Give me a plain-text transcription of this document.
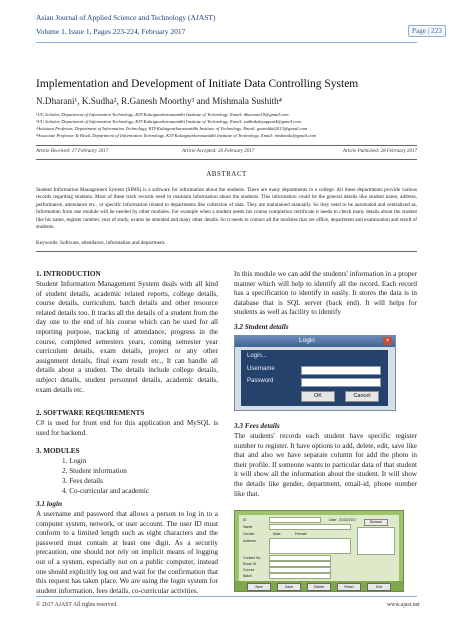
Asian Journal of Applied Science and Technology (AJAST)
Volume 1, Issue 1, Pages 223-224, February 2017	Page | 223
Implementation and Development of Initiate Data Controlling System
N.Dharani¹, K.Sudha², R.Ganesh Moorthy³ and Mishmala Sushith⁴
¹UG Scholar, Department of Information Technology, KIT-Kalaignarkarunanidhi Institute of Technology. Email: dharanin19@gmail.com
²UG Scholar, Department of Information Technology, KIT-Kalaignarkarunanidhi Institute of Technology. Email: sudhakaliyappan4@gmail.com
³Assistant Professor, Department of Information Technology, KIT-Kalaignarkarunanidhi Institute of Technology. Email: ganeshkit2013@gmail.com
⁴Associate Professor & Head, Department of Information Technology, KIT-Kalaignarkarunanidhi Institute of Technology. Email: mishmala@gmail.com
Article Received: 17 February 2017	Article Accepted: 26 February 2017	Article Published: 28 February 2017
ABSTRACT
Student Information Management System (SIMS) is a software for information about the students. There are many departments in a college. All these departments provide various records regarding students. Most of these track records need to maintain information about the students. This information could be the general details like student name, address, performance, attendance etc., or specific information related to departments like collection of data. They are maintained manually. So they need to be automated and centralized as, Information from one module will be needed by other modules. For example when a student needs his course completion certificate it needs to check many details about the student like his name, register number, year of study, exams he attended and many other details. So it needs to contact all the modules that are office, department and examination and result of students.
Keywords: Software, attendance, information and department.
1. INTRODUCTION
Student Information Management System deals with all kind of student details, academic related reports, college details, course details, curriculum, batch details and other resource related details too. It tracks all the details of a student from the day one to the end of his course which can be used for all reporting purpose, tracking of attendance, progress in the course, completed semesters years, coming semester year curriculum details, exam details, project or any other assignment details, final exam result etc., It can handle all details about a student. The details include college details, subject details, student personnel details, academic details, exam details etc.
2. SOFTWARE REQUIREMENTS
C# is used for front end for this application and MySQL is used for backend.
3. MODULES
1. Login
2. Student information
3. Fees details
4. Co-curricular and academic
3.1 login
A username and password that allows a person to log in to a computer system, network, or user account. The user ID must conform to a limited length such as eight characters and the password must contain at least one digit. As a security precaution, one should not rely on implicit means of logging out of a system, especially not on a public computer, instead one should explicitly log out and wait for the confirmation that this request has taken place. We are using the login system for student information, fees details, co-curricular activities.
In this module we can add the students' information in a proper manner which will help to identify all the record. Each record has a specification to identify in easily. It stores the data is in database that is SQL server (back end). It will helps for students as well as facility to identify
3.2 Student details
Login	×
Login...
Username
Password
OK	Cancel
3.3 Fees details
The students' records each student have specific register number to register. It have options to add, delete, edit, save like that and also we have separate column for add the photo in their profile. If someone wants to particular data of that student it will show all the information about the student. It will show the details like gender, department, email-id, phone number like that.
ID	Date 21/02/2017	Browse
Name
Gender	Male	Female
Address
Contact No
Email ID
Course
Batch
New	Save	Delete	Reset	Exit
© 2017 AJAST All rights reserved.	www.ajast.net
